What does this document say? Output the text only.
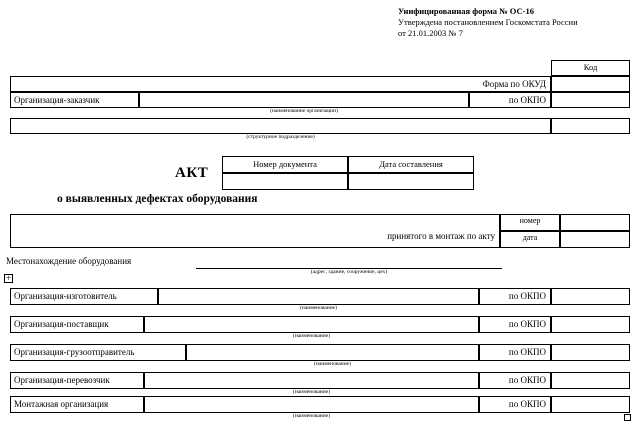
Унифицированная форма № ОС-16
Утверждена постановлением Госкомстата России
от 21.01.2003 № 7
Код
Форма по ОКУД
Организация-заказчик	по ОКПО
(наименование организации)
(структурное подразделение)
АКТ
Номер документа	Дата составления
о выявленных дефектах оборудования
принятого в монтаж по акту
номер
дата
Местонахождение оборудования
(адрес, здание, сооружение, цех)
+
Организация-изготовитель	по ОКПО
(наименование)
Организация-поставщик	по ОКПО
(наименование)
Организация-грузоотправитель	по ОКПО
(наименование)
Организация-перевозчик	по ОКПО
(наименование)
Монтажная организация	по ОКПО
(наименование)
